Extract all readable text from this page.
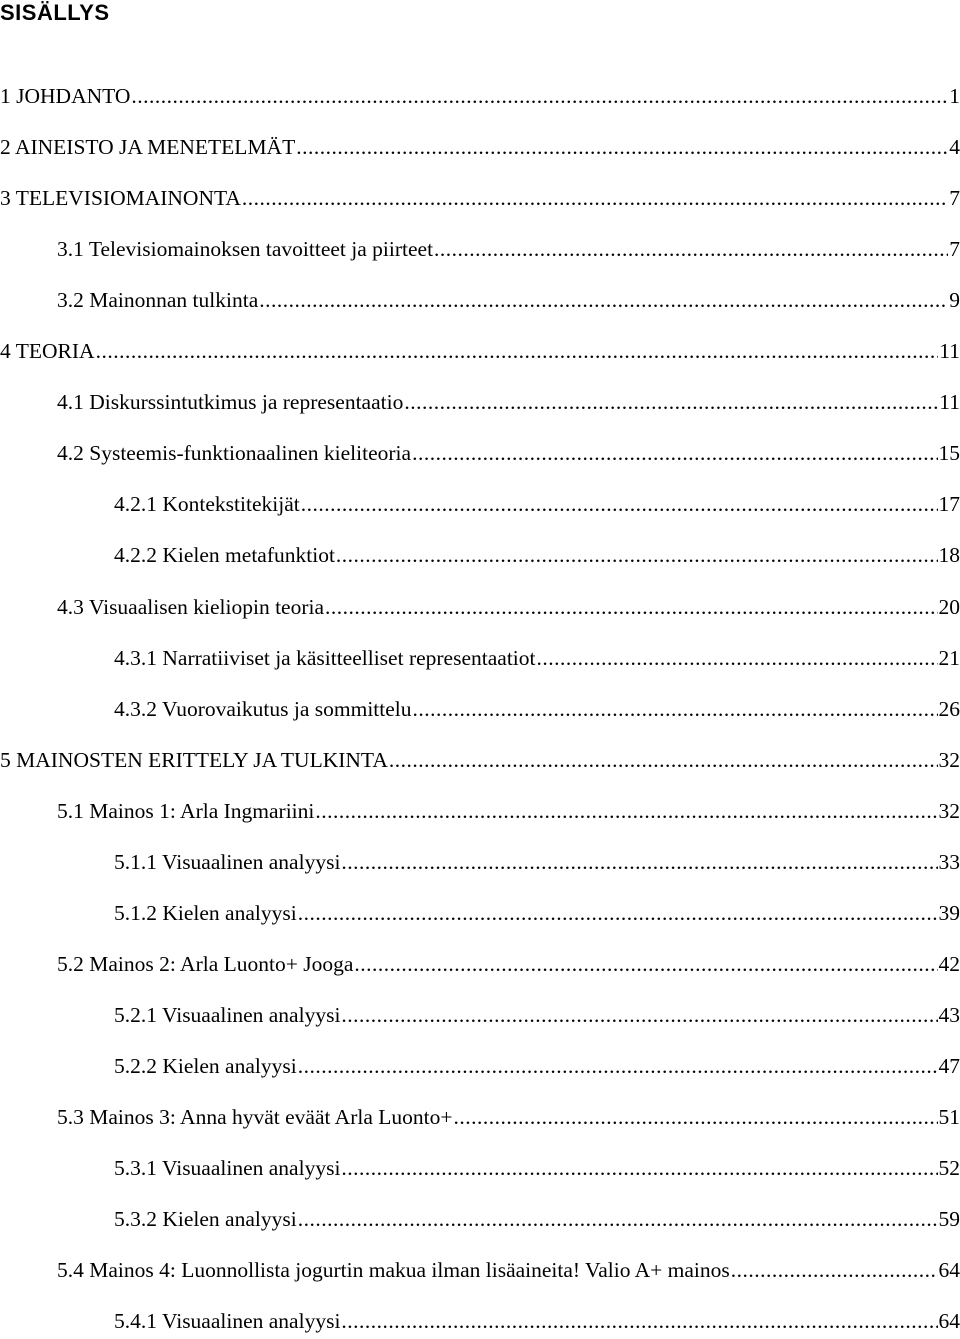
SISÄLLYS
1 JOHDANTO .....	1
2 AINEISTO JA MENETELMÄT .....	4
3 TELEVISIOMAINONTA .....	7
3.1 Televisiomainoksen tavoitteet ja piirteet .....	7
3.2 Mainonnan tulkinta .....	9
4 TEORIA .....	11
4.1 Diskurssintutkimus ja representaatio .....	11
4.2 Systeemis-funktionaalinen kieliteoria .....	15
4.2.1 Kontekstitekijät .....	17
4.2.2 Kielen metafunktiot .....	18
4.3 Visuaalisen kieliopin teoria .....	20
4.3.1 Narratiiviset ja käsitteelliset representaatiot .....	21
4.3.2 Vuorovaikutus ja sommittelu .....	26
5 MAINOSTEN ERITTELY JA TULKINTA .....	32
5.1 Mainos 1: Arla Ingmariini .....	32
5.1.1 Visuaalinen analyysi .....	33
5.1.2 Kielen analyysi .....	39
5.2 Mainos 2: Arla Luonto+ Jooga .....	42
5.2.1 Visuaalinen analyysi .....	43
5.2.2 Kielen analyysi .....	47
5.3 Mainos 3: Anna hyvät eväät Arla Luonto+ .....	51
5.3.1 Visuaalinen analyysi .....	52
5.3.2 Kielen analyysi .....	59
5.4 Mainos 4: Luonnollista jogurtin makua ilman lisäaineita! Valio A+ mainos .....	64
5.4.1 Visuaalinen analyysi .....	64
